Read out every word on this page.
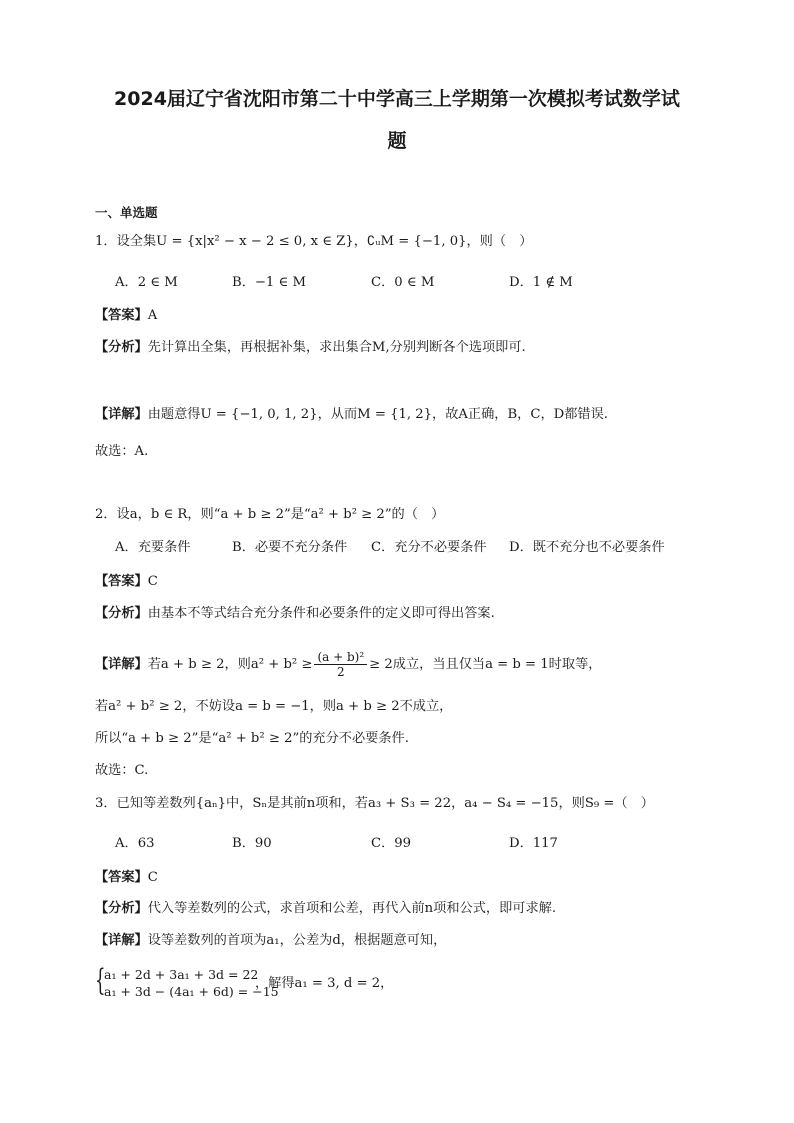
2024届辽宁省沈阳市第二十中学高三上学期第一次模拟考试数学试
题
一、单选题
1．设全集U = {x|x² − x − 2 ≤ 0, x ∈ Z}，∁ᵤM = {−1, 0}，则（　）
A．2 ∈ M	B．−1 ∈ M	C．0 ∈ M	D．1 ∉ M
【答案】A
【分析】先计算出全集，再根据补集，求出集合M,分别判断各个选项即可.
【详解】由题意得U = {−1, 0, 1, 2}，从而M = {1, 2}，故A正确，B，C，D都错误.
故选：A.
2．设a，b ∈ R，则“a + b ≥ 2”是“a² + b² ≥ 2”的（　）
A．充要条件	B．必要不充分条件 C．充分不必要条件 D．既不充分也不必要条件
【答案】C
【分析】由基本不等式结合充分条件和必要条件的定义即可得出答案.
【详解】若a + b ≥ 2，则$a^2 + b^2 \ge \frac{\text{(a + b)²}}{2} \ge 2$成立，当且仅当a = b = 1时取等，
若a² + b² ≥ 2，不妨设a = b = −1，则a + b ≥ 2不成立，
所以“a + b ≥ 2”是“a² + b² ≥ 2”的充分不必要条件.
故选：C.
3．已知等差数列{aₙ}中，Sₙ是其前n项和，若a₃ + S₃ = 22，a₄ − S₄ = −15，则S₉ =（　）
A．63	B．90	C．99	D．117
【答案】C
【分析】代入等差数列的公式，求首项和公差，再代入前n项和公式，即可求解.
【详解】设等差数列的首项为a₁，公差为d，根据题意可知，
{
a₁ + 2d + 3a₁ + 3d = 22
a₁ + 3d − (4a₁ + 6d) = −15
，解得a₁ = 3, d = 2，
